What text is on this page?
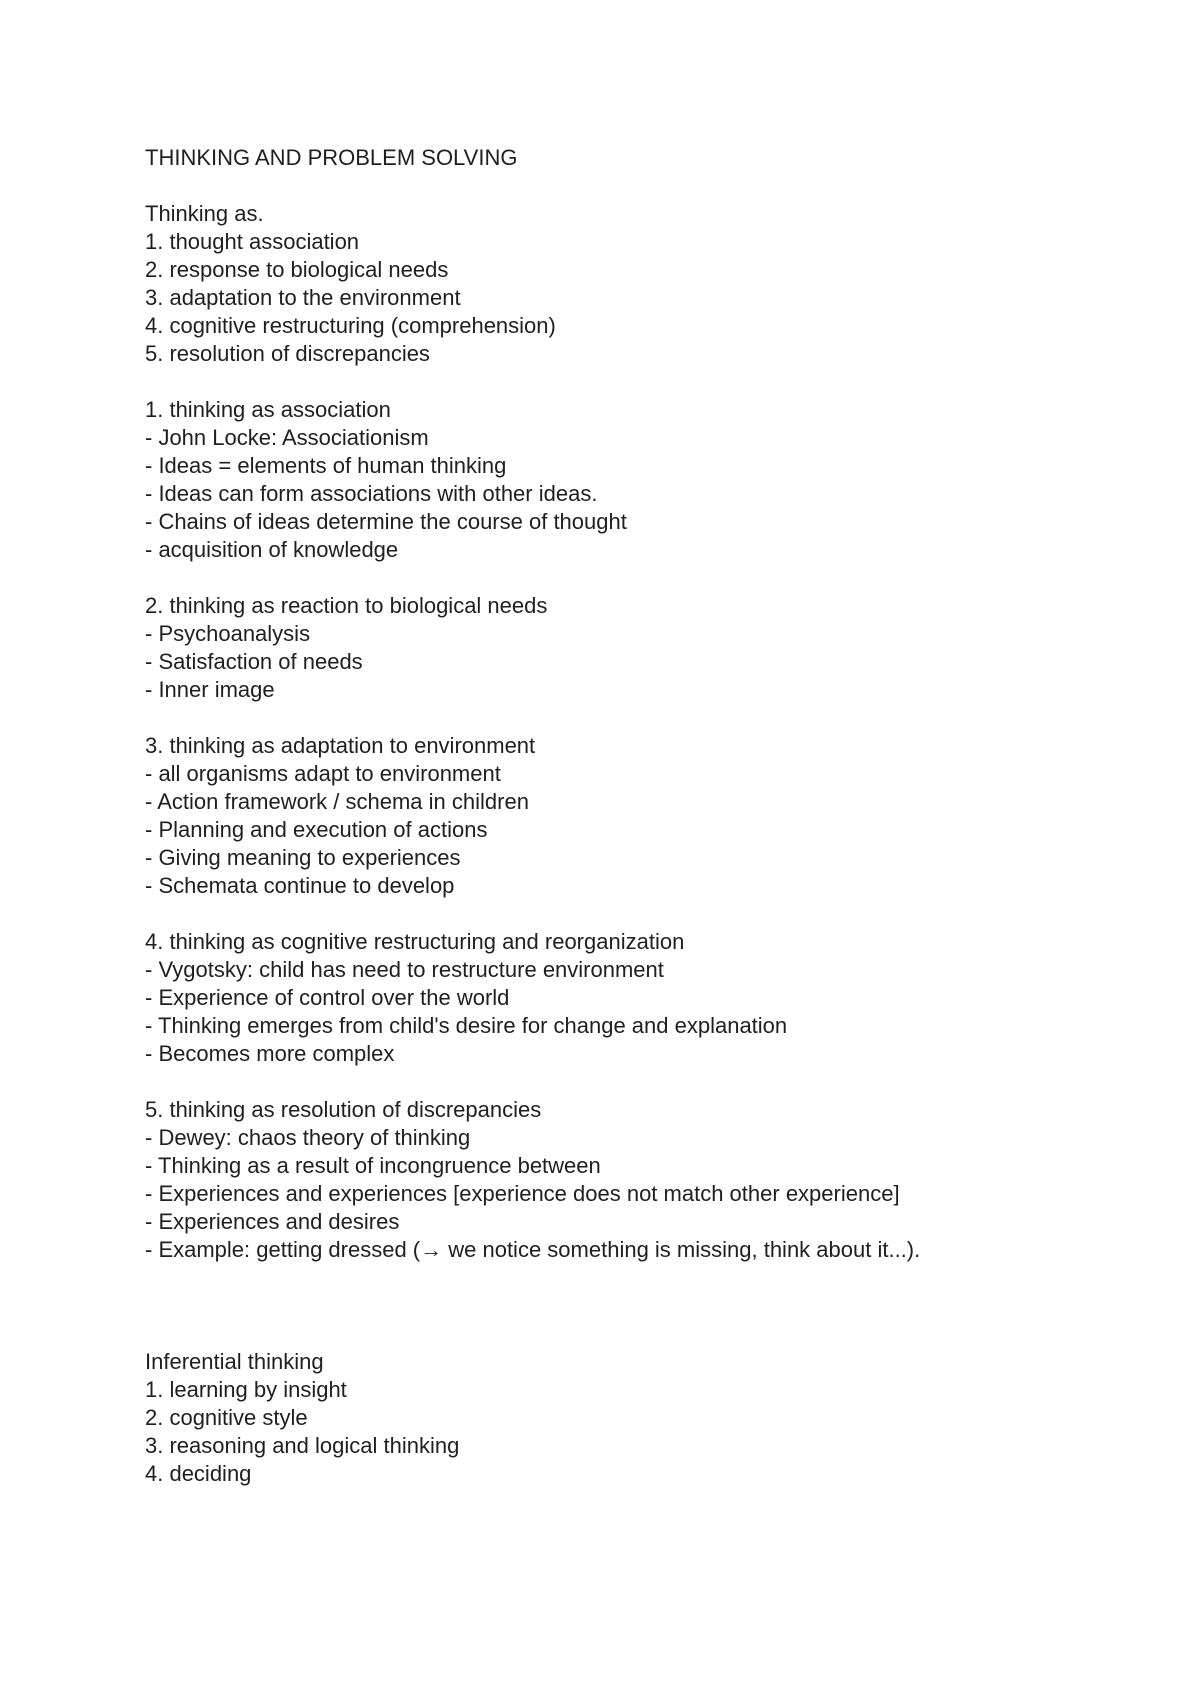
THINKING AND PROBLEM SOLVING
Thinking as.
1. thought association
2. response to biological needs
3. adaptation to the environment
4. cognitive restructuring (comprehension)
5. resolution of discrepancies
1. thinking as association
- John Locke: Associationism
- Ideas = elements of human thinking
- Ideas can form associations with other ideas.
- Chains of ideas determine the course of thought
- acquisition of knowledge
2. thinking as reaction to biological needs
- Psychoanalysis
- Satisfaction of needs
- Inner image
3. thinking as adaptation to environment
- all organisms adapt to environment
- Action framework / schema in children
- Planning and execution of actions
- Giving meaning to experiences
- Schemata continue to develop
4. thinking as cognitive restructuring and reorganization
- Vygotsky: child has need to restructure environment
- Experience of control over the world
- Thinking emerges from child's desire for change and explanation
- Becomes more complex
5. thinking as resolution of discrepancies
- Dewey: chaos theory of thinking
- Thinking as a result of incongruence between
- Experiences and experiences [experience does not match other experience]
- Experiences and desires
- Example: getting dressed (→ we notice something is missing, think about it...).
Inferential thinking
1. learning by insight
2. cognitive style
3. reasoning and logical thinking
4. deciding
